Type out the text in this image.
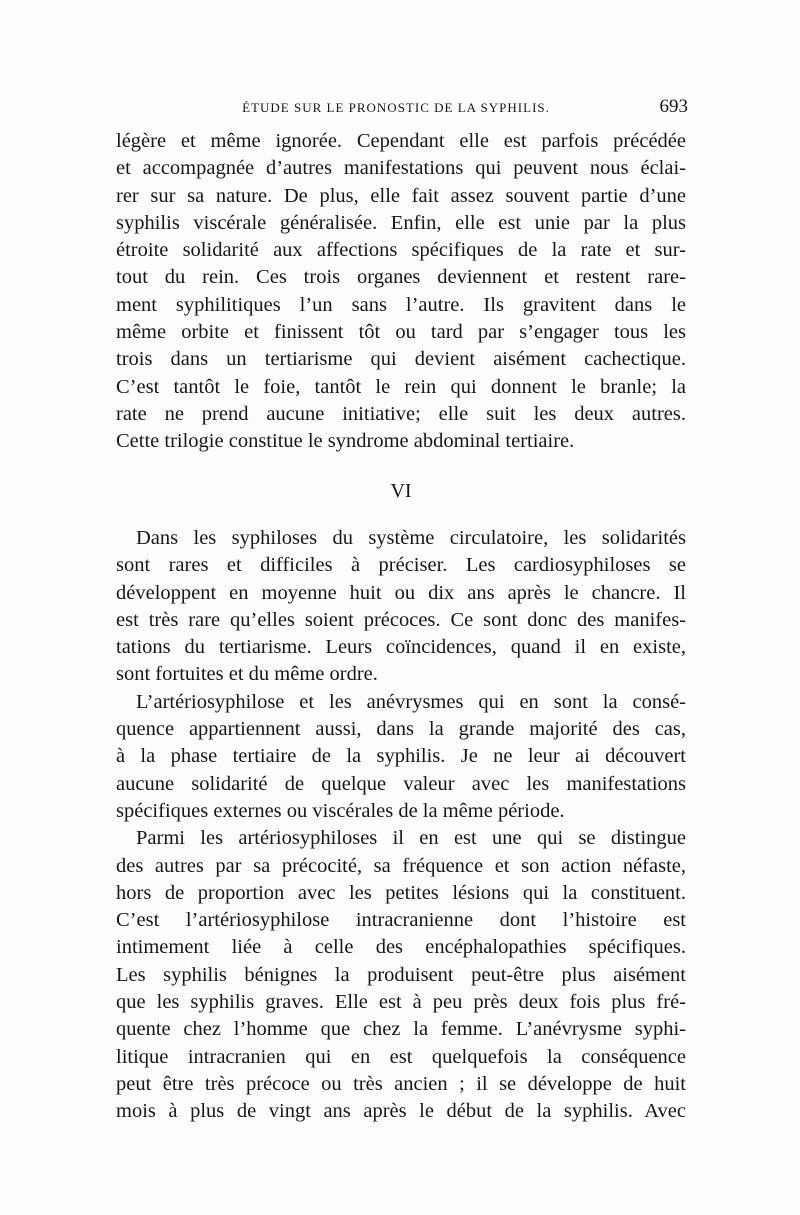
ÉTUDE SUR LE PRONOSTIC DE LA SYPHILIS.	693
légère et même ignorée. Cependant elle est parfois précédée
et accompagnée d’autres manifestations qui peuvent nous éclai-
rer sur sa nature. De plus, elle fait assez souvent partie d’une
syphilis viscérale généralisée. Enfin, elle est unie par la plus
étroite solidarité aux affections spécifiques de la rate et sur-
tout du rein. Ces trois organes deviennent et restent rare-
ment syphilitiques l’un sans l’autre. Ils gravitent dans le
même orbite et finissent tôt ou tard par s’engager tous les
trois dans un tertiarisme qui devient aisément cachectique.
C’est tantôt le foie, tantôt le rein qui donnent le branle; la
rate ne prend aucune initiative; elle suit les deux autres.
Cette trilogie constitue le syndrome abdominal tertiaire.
VI
Dans les syphiloses du système circulatoire, les solidarités
sont rares et difficiles à préciser. Les cardiosyphiloses se
développent en moyenne huit ou dix ans après le chancre. Il
est très rare qu’elles soient précoces. Ce sont donc des manifes-
tations du tertiarisme. Leurs coïncidences, quand il en existe,
sont fortuites et du même ordre.
L’artériosyphilose et les anévrysmes qui en sont la consé-
quence appartiennent aussi, dans la grande majorité des cas,
à la phase tertiaire de la syphilis. Je ne leur ai découvert
aucune solidarité de quelque valeur avec les manifestations
spécifiques externes ou viscérales de la même période.
Parmi les artériosyphiloses il en est une qui se distingue
des autres par sa précocité, sa fréquence et son action néfaste,
hors de proportion avec les petites lésions qui la constituent.
C’est l’artériosyphilose intracranienne dont l’histoire est
intimement liée à celle des encéphalopathies spécifiques.
Les syphilis bénignes la produisent peut-être plus aisément
que les syphilis graves. Elle est à peu près deux fois plus fré-
quente chez l’homme que chez la femme. L’anévrysme syphi-
litique intracranien qui en est quelquefois la conséquence
peut être très précoce ou très ancien ; il se développe de huit
mois à plus de vingt ans après le début de la syphilis. Avec
